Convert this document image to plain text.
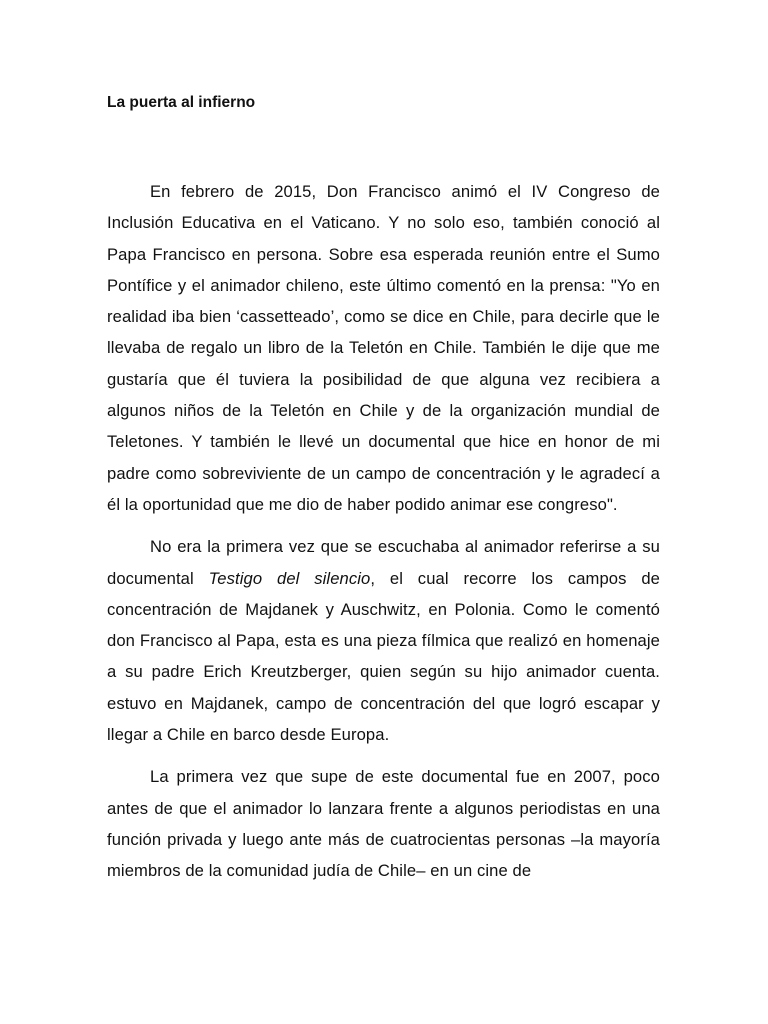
La puerta al infierno

En febrero de 2015, Don Francisco animó el IV Congreso de Inclusión Educativa en el Vaticano. Y no solo eso, también conoció al Papa Francisco en persona. Sobre esa esperada reunión entre el Sumo Pontífice y el animador chileno, este último comentó en la prensa: "Yo en realidad iba bien ‘cassetteado’, como se dice en Chile, para decirle que le llevaba de regalo un libro de la Teletón en Chile. También le dije que me gustaría que él tuviera la posibilidad de que alguna vez recibiera a algunos niños de la Teletón en Chile y de la organización mundial de Teletones. Y también le llevé un documental que hice en honor de mi padre como sobreviviente de un campo de concentración y le agradecí a él la oportunidad que me dio de haber podido animar ese congreso".

No era la primera vez que se escuchaba al animador referirse a su documental Testigo del silencio, el cual recorre los campos de concentración de Majdanek y Auschwitz, en Polonia. Como le comentó don Francisco al Papa, esta es una pieza fílmica que realizó en homenaje a su padre Erich Kreutzberger, quien según su hijo animador cuenta. estuvo en Majdanek, campo de concentración del que logró escapar y llegar a Chile en barco desde Europa.

La primera vez que supe de este documental fue en 2007, poco antes de que el animador lo lanzara frente a algunos periodistas en una función privada y luego ante más de cuatrocientas personas –la mayoría miembros de la comunidad judía de Chile– en un cine de
